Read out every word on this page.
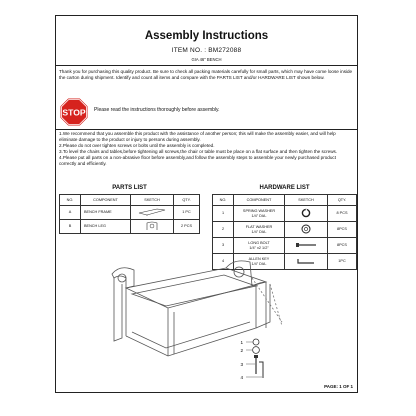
Assembly Instructions
ITEM NO. : BM272088
GIA 46" BENCH
Thank you for purchasing this quality product. Be sure to check all packing materials carefully for small parts, which may have come loose inside the carton during shipment. Identify and count all items and compare with the PARTS LIST and/or HARDWARE LIST shown below.
STOP Please read the instructions thoroughly before assembly.
1.We recommend that you assemble this product with the assistance of another person; this will make the assembly easier, and will help eliminate damage to the product or injury to persons during assembly.
2.Please do not over tighten screws or bolts until the assembly is completed.
3.To level the chairs and tables,before tightening all screws,the chair or table must be place on a flat surface and then tighten the screws.
4.Please put all parts on a non-abrasive floor before assembly,and follow the assembly steps to assemble your newly purchased product correctly and efficiently.
PARTS LIST	HARDWARE LIST
NO.	COMPONENT	SKETCH	QTY.
A	BENCH FRAME		1 PC
B	BENCH LEG		2 PCS
NO.	COMPONENT	SKETCH	QTY.
1	SPRING WASHER
1/4" DIA.		8 PCS
2	FLAT WASHER
1/4" DIA.		8PCS
3	LONG BOLT
1/4" x2 1/2"		8PCS
4	ALLEN KEY
1/4" DIA.		1PC
1
2
3
4
PAGE: 1 OF 1
